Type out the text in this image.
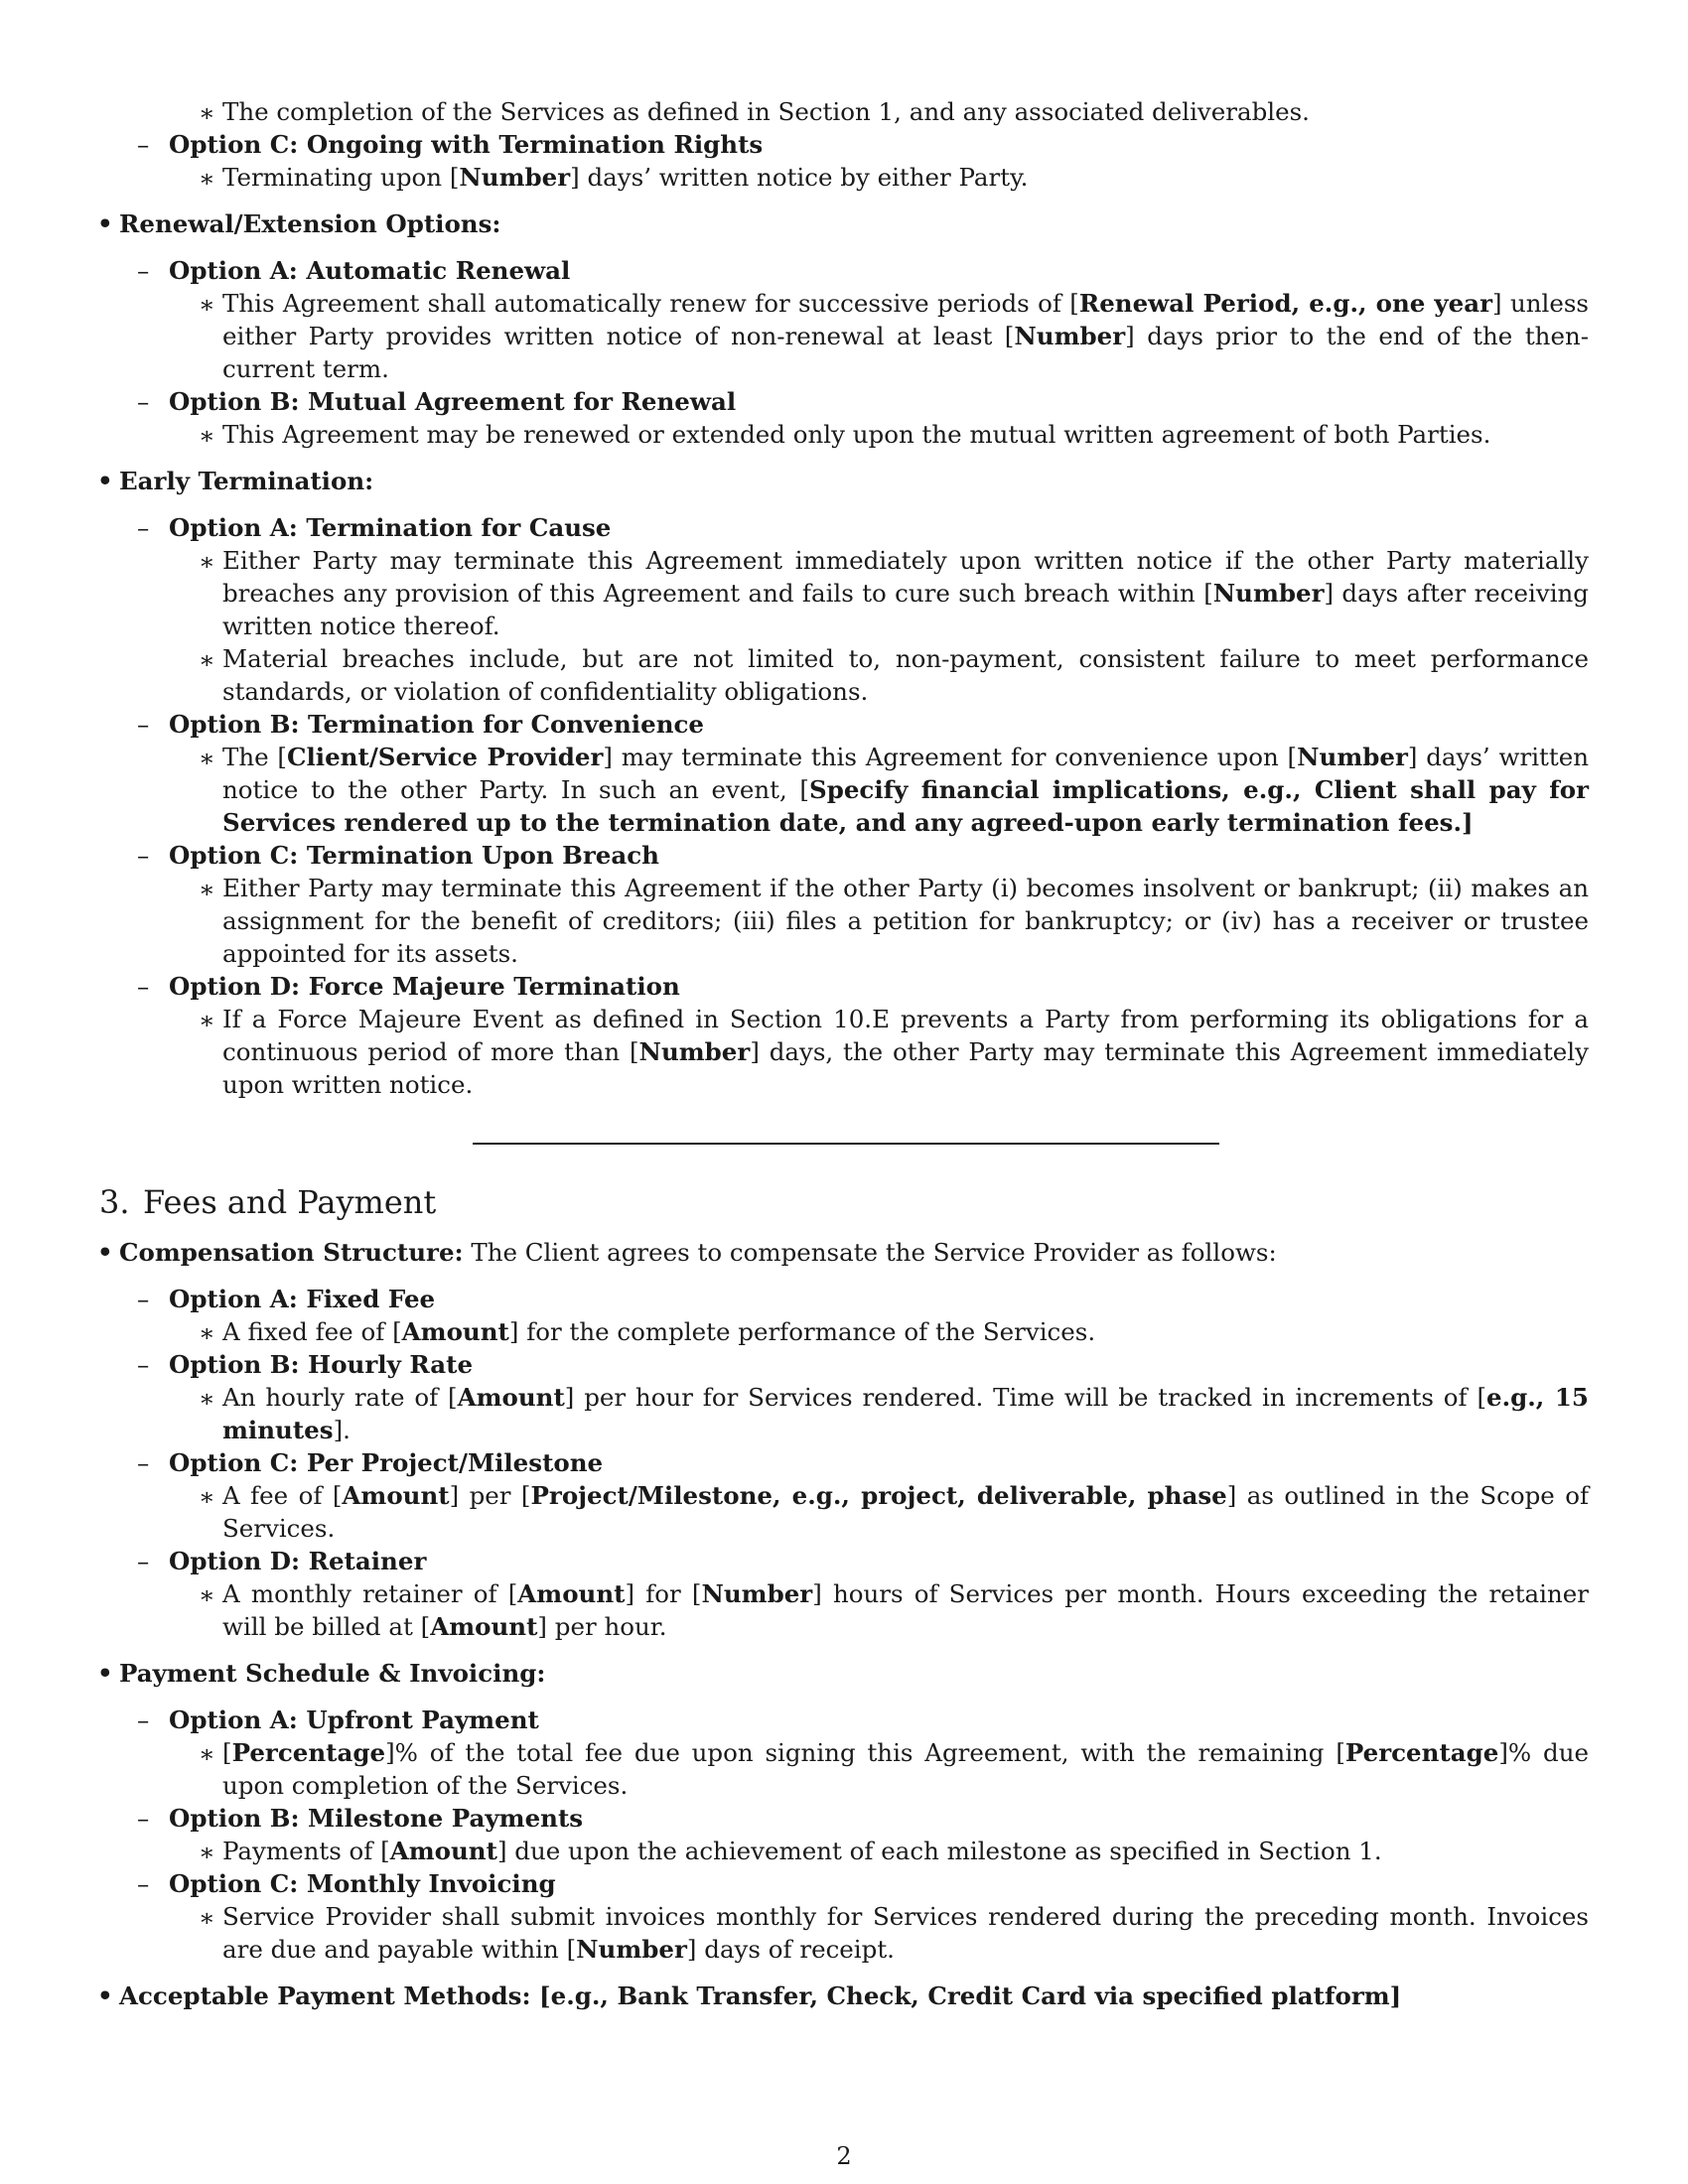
∗ The completion of the Services as defined in Section 1, and any associated deliverables.
– Option C: Ongoing with Termination Rights
∗ Terminating upon [Number] days’ written notice by either Party.
• Renewal/Extension Options:
– Option A: Automatic Renewal
∗ This Agreement shall automatically renew for successive periods of [Renewal Period, e.g., one year] unless either Party provides written notice of non-renewal at least [Number] days prior to the end of the then-current term.
– Option B: Mutual Agreement for Renewal
∗ This Agreement may be renewed or extended only upon the mutual written agreement of both Parties.
• Early Termination:
– Option A: Termination for Cause
∗ Either Party may terminate this Agreement immediately upon written notice if the other Party materially breaches any provision of this Agreement and fails to cure such breach within [Number] days after receiving written notice thereof.
∗ Material breaches include, but are not limited to, non-payment, consistent failure to meet performance standards, or violation of confidentiality obligations.
– Option B: Termination for Convenience
∗ The [Client/Service Provider] may terminate this Agreement for convenience upon [Number] days’ written notice to the other Party. In such an event, [Specify financial implications, e.g., Client shall pay for Services rendered up to the termination date, and any agreed-upon early termination fees.]
– Option C: Termination Upon Breach
∗ Either Party may terminate this Agreement if the other Party (i) becomes insolvent or bankrupt; (ii) makes an assignment for the benefit of creditors; (iii) files a petition for bankruptcy; or (iv) has a receiver or trustee appointed for its assets.
– Option D: Force Majeure Termination
∗ If a Force Majeure Event as defined in Section 10.E prevents a Party from performing its obligations for a continuous period of more than [Number] days, the other Party may terminate this Agreement immediately upon written notice.
3. Fees and Payment
• Compensation Structure: The Client agrees to compensate the Service Provider as follows:
– Option A: Fixed Fee
∗ A fixed fee of [Amount] for the complete performance of the Services.
– Option B: Hourly Rate
∗ An hourly rate of [Amount] per hour for Services rendered. Time will be tracked in increments of [e.g., 15 minutes].
– Option C: Per Project/Milestone
∗ A fee of [Amount] per [Project/Milestone, e.g., project, deliverable, phase] as outlined in the Scope of Services.
– Option D: Retainer
∗ A monthly retainer of [Amount] for [Number] hours of Services per month. Hours exceeding the retainer will be billed at [Amount] per hour.
• Payment Schedule & Invoicing:
– Option A: Upfront Payment
∗ [Percentage]% of the total fee due upon signing this Agreement, with the remaining [Percentage]% due upon completion of the Services.
– Option B: Milestone Payments
∗ Payments of [Amount] due upon the achievement of each milestone as specified in Section 1.
– Option C: Monthly Invoicing
∗ Service Provider shall submit invoices monthly for Services rendered during the preceding month. Invoices are due and payable within [Number] days of receipt.
• Acceptable Payment Methods: [e.g., Bank Transfer, Check, Credit Card via specified platform]
2
